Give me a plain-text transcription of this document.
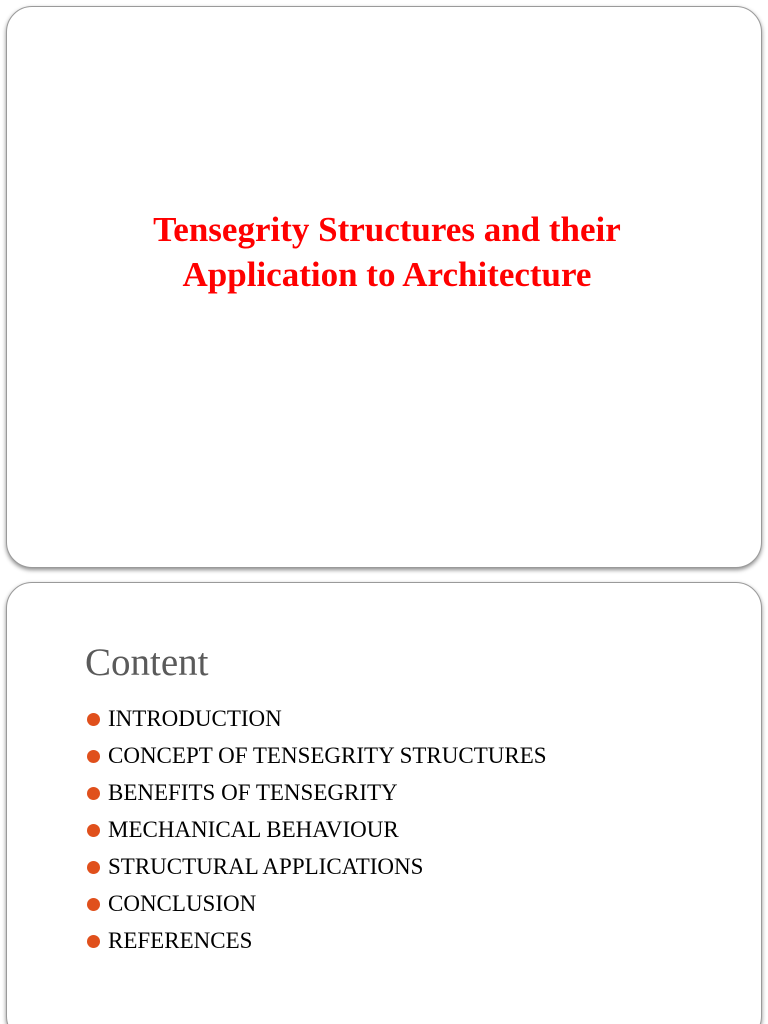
Tensegrity Structures and their
Application to Architecture
Content
INTRODUCTION
CONCEPT OF TENSEGRITY STRUCTURES
BENEFITS OF TENSEGRITY
MECHANICAL BEHAVIOUR
STRUCTURAL APPLICATIONS
CONCLUSION
REFERENCES
